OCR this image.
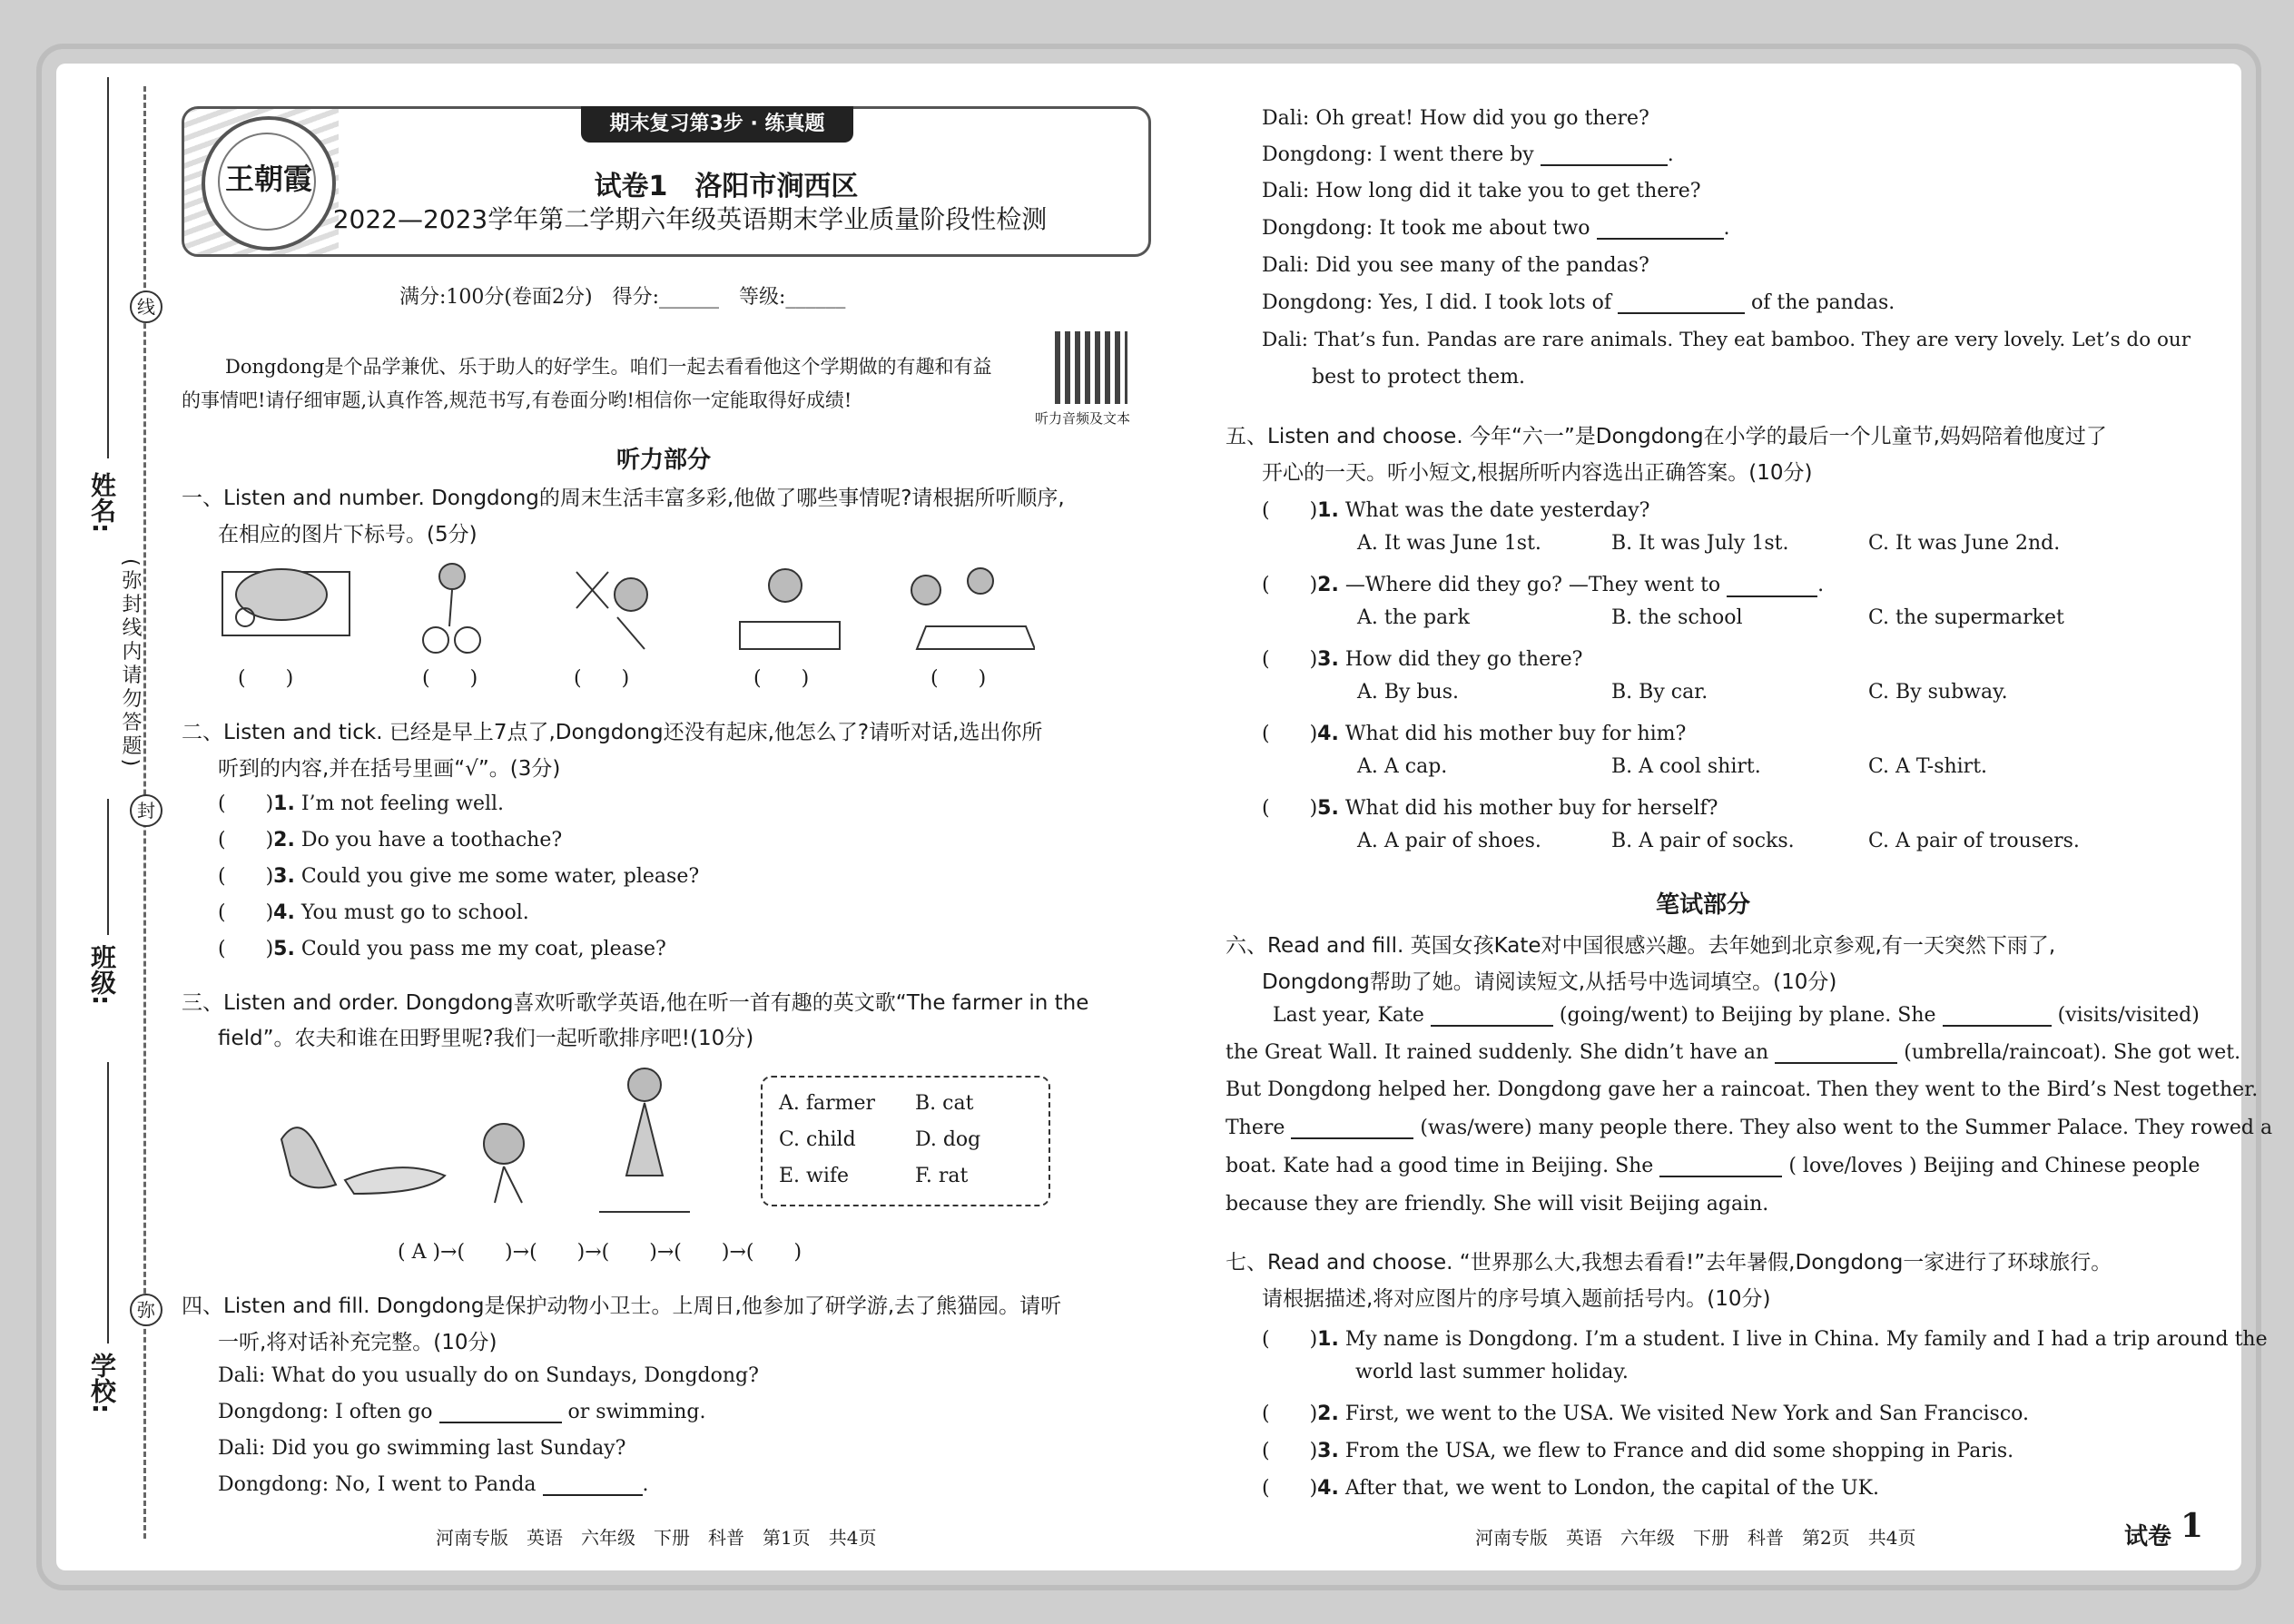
姓名:
班级:
学校:
线
封
弥
(弥封线内请勿答题)
王朝霞
期末复习第3步 · 练真题
试卷1　洛阳市涧西区
2022—2023学年第二学期六年级英语期末学业质量阶段性检测
满分:100分(卷面2分)　得分:______　等级:______
Dongdong是个品学兼优、乐于助人的好学生。咱们一起去看看他这个学期做的有趣和有益
的事情吧!请仔细审题,认真作答,规范书写,有卷面分哟!相信你一定能取得好成绩!
听力音频及文本
听力部分
一、Listen and number. Dongdong的周末生活丰富多彩,他做了哪些事情呢?请根据所听顺序,
在相应的图片下标号。(5分)
(　　)	(　　)	(　　)	(　　)	(　　)
二、Listen and tick. 已经是早上7点了,Dongdong还没有起床,他怎么了?请听对话,选出你所
听到的内容,并在括号里画“√”。(3分)
(　　)1. I’m not feeling well.
(　　)2. Do you have a toothache?
(　　)3. Could you give me some water, please?
(　　)4. You must go to school.
(　　)5. Could you pass me my coat, please?
三、Listen and order. Dongdong喜欢听歌学英语,他在听一首有趣的英文歌“The farmer in the
field”。农夫和谁在田野里呢?我们一起听歌排序吧!(10分)
A. farmer B. cat
C. child	D. dog
E. wife	F. rat
( A )→(　　)→(　　)→(　　)→(　　)→(　　)
四、Listen and fill. Dongdong是保护动物小卫士。上周日,他参加了研学游,去了熊猫园。请听
一听,将对话补充完整。(10分)
Dali: What do you usually do on Sundays, Dongdong?
Dongdong: I often go	or swimming.
Dali: Did you go swimming last Sunday?
Dongdong: No, I went to Panda	.
Dali: Oh great! How did you go there?
Dongdong: I went there by	.
Dali: How long did it take you to get there?
Dongdong: It took me about two	.
Dali: Did you see many of the pandas?
Dongdong: Yes, I did. I took lots of	of the pandas.
Dali: That’s fun. Pandas are rare animals. They eat bamboo. They are very lovely. Let’s do our
best to protect them.
五、Listen and choose. 今年“六一”是Dongdong在小学的最后一个儿童节,妈妈陪着他度过了
开心的一天。听小短文,根据所听内容选出正确答案。(10分)
(　　)1. What was the date yesterday?
A. It was June 1st.	B. It was July 1st.	C. It was June 2nd.
(　　)2. —Where did they go? —They went to	.
A. the park	B. the school	C. the supermarket
(　　)3. How did they go there?
A. By bus.	B. By car.	C. By subway.
(　　)4. What did his mother buy for him?
A. A cap.	B. A cool shirt.	C. A T-shirt.
(　　)5. What did his mother buy for herself?
A. A pair of shoes.	B. A pair of socks.	C. A pair of trousers.
笔试部分
六、Read and fill. 英国女孩Kate对中国很感兴趣。去年她到北京参观,有一天突然下雨了,
Dongdong帮助了她。请阅读短文,从括号中选词填空。(10分)
Last year, Kate	(going/went) to Beijing by plane. She	(visits/visited)
the Great Wall. It rained suddenly. She didn’t have an	(umbrella/raincoat). She got wet.
But Dongdong helped her. Dongdong gave her a raincoat. Then they went to the Bird’s Nest together.
There	(was/were) many people there. They also went to the Summer Palace. They rowed a
boat. Kate had a good time in Beijing. She	( love/loves ) Beijing and Chinese people
because they are friendly. She will visit Beijing again.
七、Read and choose. “世界那么大,我想去看看!”去年暑假,Dongdong一家进行了环球旅行。
请根据描述,将对应图片的序号填入题前括号内。(10分)
(　　)1. My name is Dongdong. I’m a student. I live in China. My family and I had a trip around the
world last summer holiday.
(　　)2. First, we went to the USA. We visited New York and San Francisco.
(　　)3. From the USA, we flew to France and did some shopping in Paris.
(　　)4. After that, we went to London, the capital of the UK.
河南专版　英语　六年级　下册　科普　第1页　共4页	河南专版　英语　六年级　下册　科普　第2页　共4页	试卷 1
